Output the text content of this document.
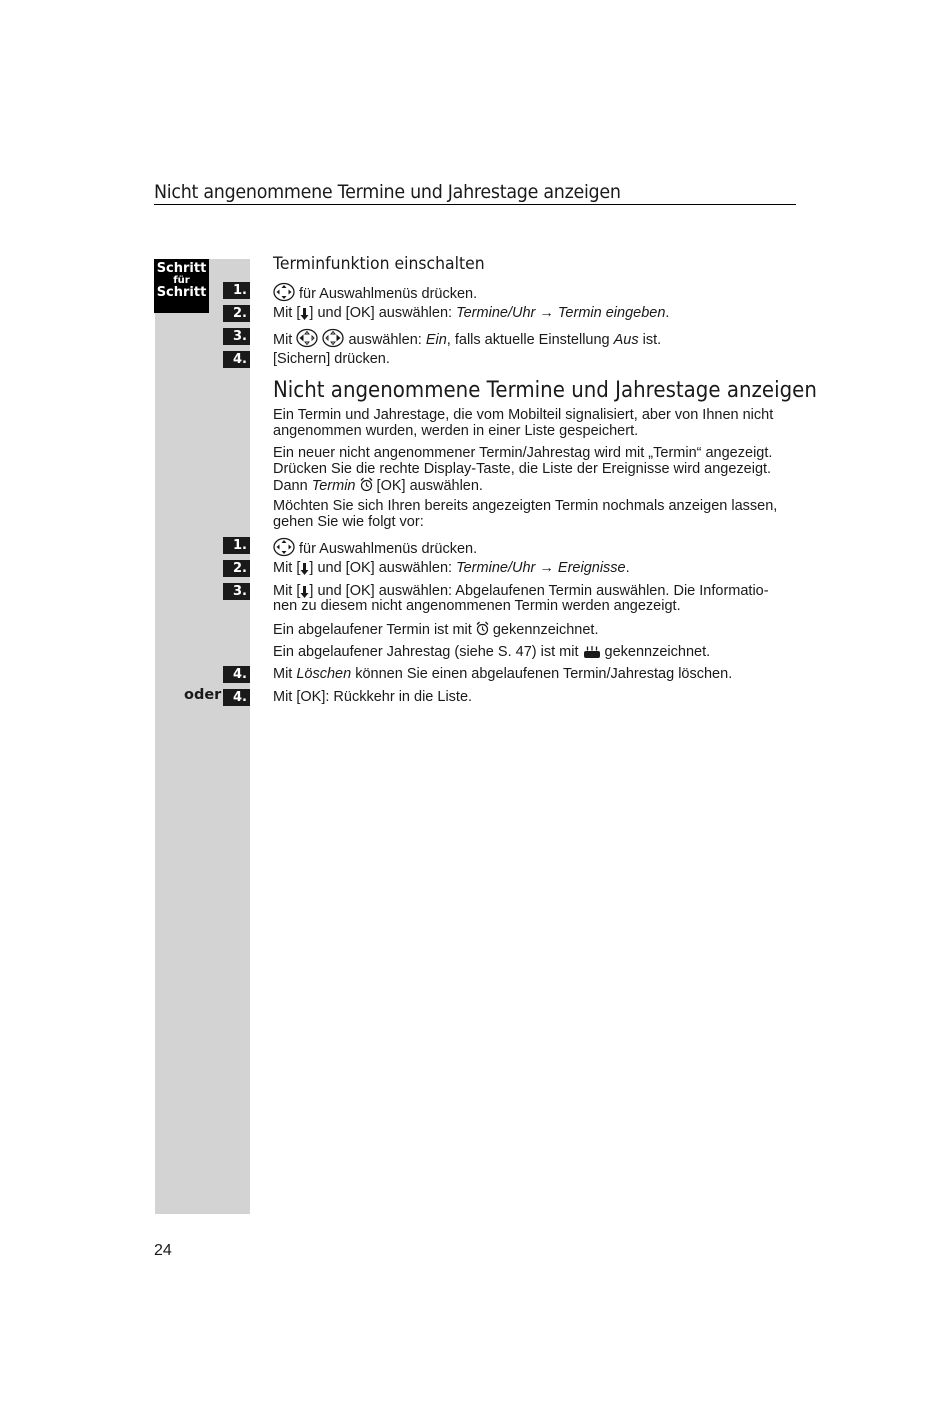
Nicht angenommene Termine und Jahrestage anzeigen
Schritt
für
Schritt	1.
2.
3.
4.
1.
2.
3.
4.
4.
oder
Terminfunktion einschalten
für Auswahlmenüs drücken.
Mit [ ] und [OK] auswählen: Termine/Uhr → Termin eingeben.
Mit	auswählen: Ein, falls aktuelle Einstellung Aus ist.
[Sichern] drücken.
Nicht angenommene Termine und Jahrestage anzeigen
Ein Termin und Jahrestage, die vom Mobilteil signalisiert, aber von Ihnen nicht angenommen wurden, werden in einer Liste gespeichert.
Ein neuer nicht angenommener Termin/Jahrestag wird mit „Termin“ angezeigt. Drücken Sie die rechte Display-Taste, die Liste der Ereignisse wird angezeigt. Dann Termin  [OK] auswählen.
Möchten Sie sich Ihren bereits angezeigten Termin nochmals anzeigen lassen, gehen Sie wie folgt vor:
für Auswahlmenüs drücken.
Mit [ ] und [OK] auswählen: Termine/Uhr → Ereignisse.
Mit [ ] und [OK] auswählen: Abgelaufenen Termin auswählen. Die Informatio-
nen zu diesem nicht angenommenen Termin werden angezeigt.
Ein abgelaufener Termin ist mit  gekennzeichnet.
Ein abgelaufener Jahrestag (siehe S. 47) ist mit  gekennzeichnet.
Mit Löschen können Sie einen abgelaufenen Termin/Jahrestag löschen.
Mit [OK]: Rückkehr in die Liste.
24
